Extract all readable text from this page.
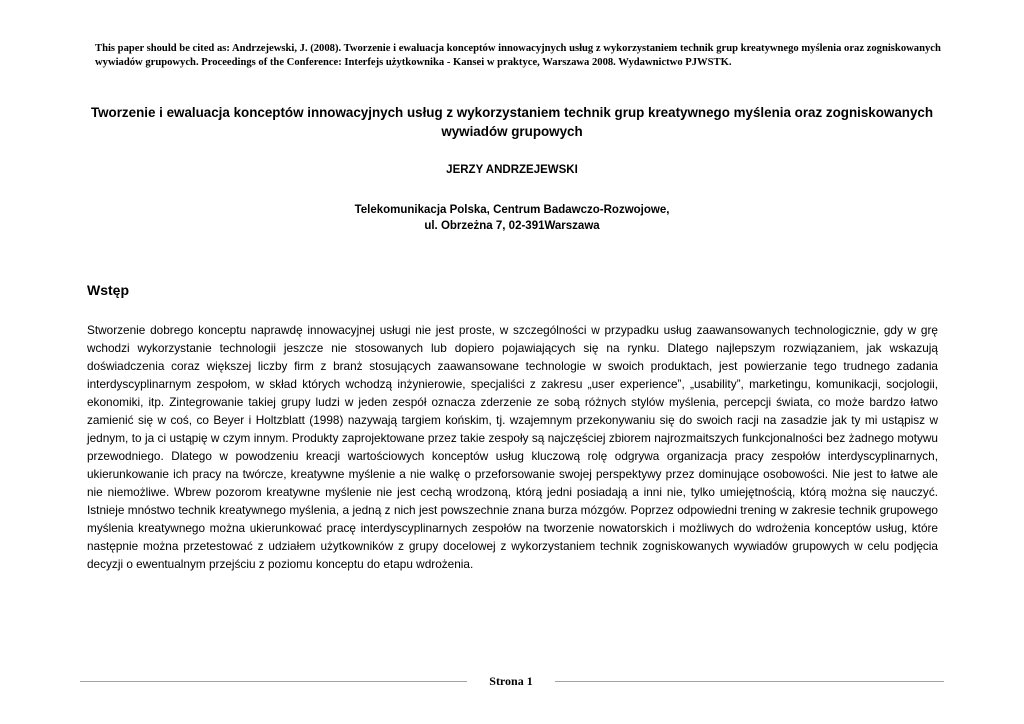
This paper should be cited as: Andrzejewski, J. (2008). Tworzenie i ewaluacja konceptów innowacyjnych usług z wykorzystaniem technik grup kreatywnego myślenia oraz zogniskowanych wywiadów grupowych. Proceedings of the Conference: Interfejs użytkownika - Kansei w praktyce, Warszawa 2008. Wydawnictwo PJWSTK.
Tworzenie i ewaluacja konceptów innowacyjnych usług z wykorzystaniem technik grup kreatywnego myślenia oraz zogniskowanych wywiadów grupowych
JERZY ANDRZEJEWSKI
Telekomunikacja Polska, Centrum Badawczo-Rozwojowe,
ul. Obrzeżna 7, 02-391Warszawa
Wstęp

Stworzenie dobrego konceptu naprawdę innowacyjnej usługi nie jest proste, w szczególności w przypadku usług zaawansowanych technologicznie, gdy w grę wchodzi wykorzystanie technologii jeszcze nie stosowanych lub dopiero pojawiających się na rynku. Dlatego najlepszym rozwiązaniem, jak wskazują doświadczenia coraz większej liczby firm z branż stosujących zaawansowane technologie w swoich produktach, jest powierzanie tego trudnego zadania interdyscyplinarnym zespołom, w skład których wchodzą inżynierowie, specjaliści z zakresu „user experience”, „usability”, marketingu, komunikacji, socjologii, ekonomiki, itp. Zintegrowanie takiej grupy ludzi w jeden zespół oznacza zderzenie ze sobą różnych stylów myślenia, percepcji świata, co może bardzo łatwo zamienić się w coś, co Beyer i Holtzblatt (1998) nazywają targiem końskim, tj. wzajemnym przekonywaniu się do swoich racji na zasadzie jak ty mi ustąpisz w jednym, to ja ci ustąpię w czym innym. Produkty zaprojektowane przez takie zespoły są najczęściej zbiorem najrozmaitszych funkcjonalności bez żadnego motywu przewodniego. Dlatego w powodzeniu kreacji wartościowych konceptów usług kluczową rolę odgrywa organizacja pracy zespołów interdyscyplinarnych, ukierunkowanie ich pracy na twórcze, kreatywne myślenie a nie walkę o przeforsowanie swojej perspektywy przez dominujące osobowości. Nie jest to łatwe ale nie niemożliwe. Wbrew pozorom kreatywne myślenie nie jest cechą wrodzoną, którą jedni posiadają a inni nie, tylko umiejętnością, którą można się nauczyć. Istnieje mnóstwo technik kreatywnego myślenia, a jedną z nich jest powszechnie znana burza mózgów. Poprzez odpowiedni trening w zakresie technik grupowego myślenia kreatywnego można ukierunkować pracę interdyscyplinarnych zespołów na tworzenie nowatorskich i możliwych do wdrożenia konceptów usług, które następnie można przetestować z udziałem użytkowników z grupy docelowej z wykorzystaniem technik zogniskowanych wywiadów grupowych w celu podjęcia decyzji o ewentualnym przejściu z poziomu konceptu do etapu wdrożenia.

Strona 1
